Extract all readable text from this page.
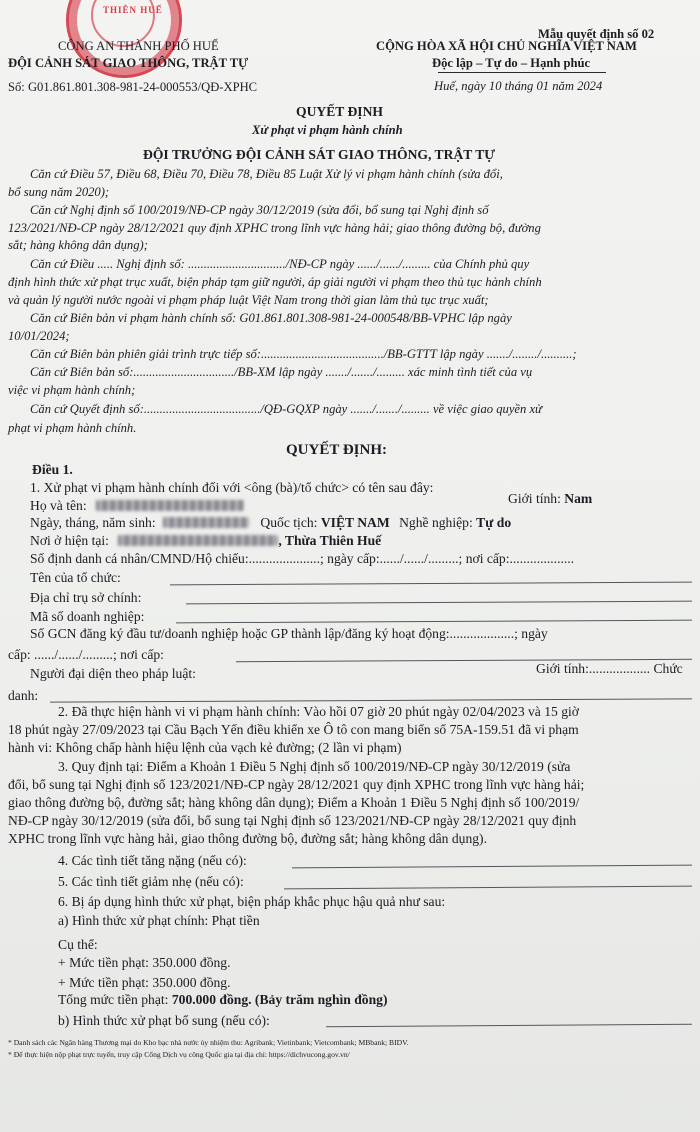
THIÊN HUẾ
CÔNG AN THÀNH PHỐ HUẾ
ĐỘI CẢNH SÁT GIAO THÔNG, TRẬT TỰ
Số: G01.861.801.308-981-24-000553/QĐ-XPHC
Mẫu quyết định số 02
CỘNG HÒA XÃ HỘI CHỦ NGHĨA VIỆT NAM
Độc lập – Tự do – Hạnh phúc
Huế, ngày 10 tháng 01 năm 2024
QUYẾT ĐỊNH
Xử phạt vi phạm hành chính
ĐỘI TRƯỞNG ĐỘI CẢNH SÁT GIAO THÔNG, TRẬT TỰ
Căn cứ Điều 57, Điều 68, Điều 70, Điều 78, Điều 85 Luật Xử lý vi phạm hành chính (sửa đổi,
bổ sung năm 2020);
Căn cứ Nghị định số 100/2019/NĐ-CP ngày 30/12/2019 (sửa đổi, bổ sung tại Nghị định số
123/2021/NĐ-CP ngày 28/12/2021 quy định XPHC trong lĩnh vực hàng hải; giao thông đường bộ, đường
sắt; hàng không dân dụng);
Căn cứ Điều ..... Nghị định số: .............................../NĐ-CP ngày ....../....../......... của Chính phủ quy
định hình thức xử phạt trục xuất, biện pháp tạm giữ người, áp giải người vi phạm theo thủ tục hành chính
và quản lý người nước ngoài vi phạm pháp luật Việt Nam trong thời gian làm thủ tục trục xuất;
Căn cứ Biên bản vi phạm hành chính số: G01.861.801.308-981-24-000548/BB-VPHC lập ngày
10/01/2024;
Căn cứ Biên bản phiên giải trình trực tiếp số:......................................./BB-GTTT lập ngày ......./......../..........;
Căn cứ Biên bản số:................................/BB-XM lập ngày ......./......./......... xác minh tình tiết của vụ
việc vi phạm hành chính;
Căn cứ Quyết định số:...................................../QĐ-GQXP ngày ......./......./......... về việc giao quyền xử
phạt vi phạm hành chính.
QUYẾT ĐỊNH:
Điều 1.
1. Xử phạt vi phạm hành chính đối với <ông (bà)/tổ chức> có tên sau đây:
Họ và tên:	Giới tính: Nam
Ngày, tháng, năm sinh:	Quốc tịch: VIỆT NAM Nghề nghiệp: Tự do
Nơi ở hiện tại:	, Thừa Thiên Huế
Số định danh cá nhân/CMND/Hộ chiếu:.....................; ngày cấp:....../....../.........; nơi cấp:...................
Tên của tổ chức:
Địa chỉ trụ sở chính:
Mã số doanh nghiệp:
Số GCN đăng ký đầu tư/doanh nghiệp hoặc GP thành lập/đăng ký hoạt động:...................; ngày
cấp: ....../....../.........; nơi cấp:
Người đại diện theo pháp luật:	Giới tính:.................. Chức
danh:
2. Đã thực hiện hành vi vi phạm hành chính: Vào hồi 07 giờ 20 phút ngày 02/04/2023 và 15 giờ
18 phút ngày 27/09/2023 tại Cầu Bạch Yến điều khiển xe Ô tô con mang biển số 75A-159.51 đã vi phạm
hành vi: Không chấp hành hiệu lệnh của vạch kẻ đường; (2 lần vi phạm)
3. Quy định tại: Điểm a Khoản 1 Điều 5 Nghị định số 100/2019/NĐ-CP ngày 30/12/2019 (sửa
đổi, bổ sung tại Nghị định số 123/2021/NĐ-CP ngày 28/12/2021 quy định XPHC trong lĩnh vực hàng hải;
giao thông đường bộ, đường sắt; hàng không dân dụng); Điểm a Khoản 1 Điều 5 Nghị định số 100/2019/
NĐ-CP ngày 30/12/2019 (sửa đổi, bổ sung tại Nghị định số 123/2021/NĐ-CP ngày 28/12/2021 quy định
XPHC trong lĩnh vực hàng hải, giao thông đường bộ, đường sắt; hàng không dân dụng).
4. Các tình tiết tăng nặng (nếu có):
5. Các tình tiết giảm nhẹ (nếu có):
6. Bị áp dụng hình thức xử phạt, biện pháp khắc phục hậu quả như sau:
a) Hình thức xử phạt chính: Phạt tiền
Cụ thể:
+ Mức tiền phạt: 350.000 đồng.
+ Mức tiền phạt: 350.000 đồng.
Tổng mức tiền phạt: 700.000 đồng. (Bảy trăm nghìn đồng)
b) Hình thức xử phạt bổ sung (nếu có):
* Danh sách các Ngân hàng Thương mại do Kho bạc nhà nước ủy nhiệm thu: Agribank; Vietinbank; Vietcombank; MBbank; BIDV.
* Để thực hiện nộp phạt trực tuyến, truy cập Cổng Dịch vụ công Quốc gia tại địa chỉ: https://dichvucong.gov.vn/
